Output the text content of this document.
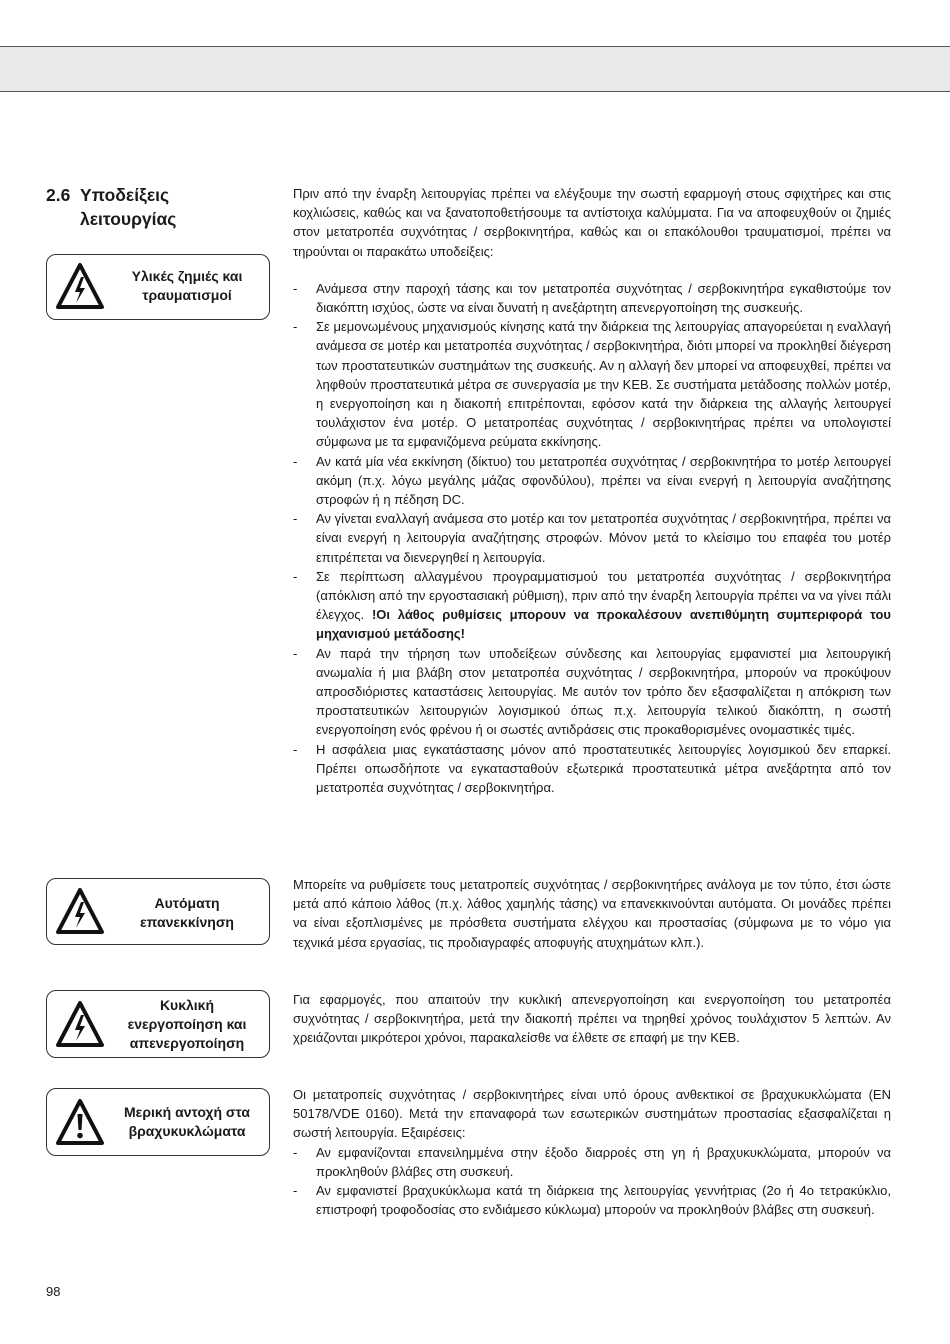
2.6 Υποδείξεις
λειτουργίας
Υλικές ζημιές και τραυματισμοί
Αυτόματη επανεκκίνηση
Κυκλική ενεργοποίηση και απενεργοποίηση
Μερική αντοχή στα βραχυκυκλώματα

Πριν από την έναρξη λειτουργίας πρέπει να ελέγξουμε την σωστή εφαρμογή στους σφιχτήρες και στις κοχλιώσεις, καθώς και να ξανατοποθετήσουμε τα αντίστοιχα καλύμματα. Για να αποφευχθούν οι ζημιές στον μετατροπέα συχνότητας / σερβοκινητήρα, καθώς και οι επακόλουθοι τραυματισμοί, πρέπει να τηρούνται οι παρακάτω υποδείξεις:

- Ανάμεσα στην παροχή τάσης και τον μετατροπέα συχνότητας / σερβοκινητήρα εγκαθιστούμε τον διακόπτη ισχύος, ώστε να είναι δυνατή η ανεξάρτητη απενεργοποίηση της συσκευής.
- Σε μεμονωμένους μηχανισμούς κίνησης κατά την διάρκεια της λειτουργίας απαγορεύεται η εναλλαγή ανάμεσα σε μοτέρ και μετατροπέα συχνότητας / σερβοκινητήρα, διότι μπορεί να προκληθεί διέγερση των προστατευτικών συστημάτων της συσκευής. Αν η αλλαγή δεν μπορεί να αποφευχθεί, πρέπει να ληφθούν προστατευτικά μέτρα σε συνεργασία με την KEB. Σε συστήματα μετάδοσης πολλών μοτέρ, η ενεργοποίηση και η διακοπή επιτρέπονται, εφόσον κατά την διάρκεια της αλλαγής λειτουργεί τουλάχιστον ένα μοτέρ. Ο μετατροπέας συχνότητας / σερβοκινητήρας πρέπει να υπολογιστεί σύμφωνα με τα εμφανιζόμενα ρεύματα εκκίνησης.
- Αν κατά μία νέα εκκίνηση (δίκτυο) του μετατροπέα συχνότητας / σερβοκινητήρα το μοτέρ λειτουργεί ακόμη (π.χ. λόγω μεγάλης μάζας σφονδύλου), πρέπει να είναι ενεργή η λειτουργία αναζήτησης στροφών ή η πέδηση DC.
- Αν γίνεται εναλλαγή ανάμεσα στο μοτέρ και τον μετατροπέα συχνότητας / σερβοκινητήρα, πρέπει να είναι ενεργή η λειτουργία αναζήτησης στροφών. Μόνον μετά το κλείσιμο του επαφέα του μοτέρ επιτρέπεται να διενεργηθεί η λειτουργία.
- Σε περίπτωση αλλαγμένου προγραμματισμού του μετατροπέα συχνότητας / σερβοκινητήρα (απόκλιση από την εργοστασιακή ρύθμιση), πριν από την έναρξη λειτουργία πρέπει να να γίνει πάλι έλεγχος. !Οι λάθος ρυθμίσεις μπορουν να προκαλέσουν ανεπιθύμητη συμπεριφορά του μηχανισμού μετάδοσης!
- Αν παρά την τήρηση των υποδείξεων σύνδεσης και λειτουργίας εμφανιστεί μια λειτουργική ανωμαλία ή μια βλάβη στον μετατροπέα συχνότητας / σερβοκινητήρα, μπορούν να προκύψουν απροσδιόριστες καταστάσεις λειτουργίας. Με αυτόν τον τρόπο δεν εξασφαλίζεται η απόκριση των προστατευτικών λειτουργιών λογισμικού όπως π.χ. λειτουργία τελικού διακόπτη, η σωστή ενεργοποίηση ενός φρένου ή οι σωστές αντιδράσεις στις προκαθορισμένες ονομαστικές τιμές.
- Η ασφάλεια μιας εγκατάστασης μόνον από προστατευτικές λειτουργίες λογισμικού δεν επαρκεί. Πρέπει οπωσδήποτε να εγκατασταθούν εξωτερικά προστατευτικά μέτρα ανεξάρτητα από τον μετατροπέα συχνότητας / σερβοκινητήρα.

Μπορείτε να ρυθμίσετε τους μετατροπείς συχνότητας / σερβοκινητήρες ανάλογα με τον τύπο, έτσι ώστε μετά από κάποιο λάθος (π.χ. λάθος χαμηλής τάσης) να επανεκκινούνται αυτόματα. Οι μονάδες πρέπει να είναι εξοπλισμένες με πρόσθετα συστήματα ελέγχου και προστασίας (σύμφωνα με το νόμο για τεχνικά μέσα εργασίας, τις προδιαγραφές αποφυγής ατυχημάτων κλπ.).

Για εφαρμογές, που απαιτούν την κυκλική απενεργοποίηση και ενεργοποίηση του μετατροπέα συχνότητας / σερβοκινητήρα, μετά την διακοπή πρέπει να τηρηθεί χρόνος τουλάχιστον 5 λεπτών. Αν χρειάζονται μικρότεροι χρόνοι, παρακαλείσθε να έλθετε σε επαφή με την KEB.

Οι μετατροπείς συχνότητας / σερβοκινητήρες είναι υπό όρους ανθεκτικοί σε βραχυκυκλώματα (EN 50178/VDE 0160). Μετά την επαναφορά των εσωτερικών συστημάτων προστασίας εξασφαλίζεται η σωστή λειτουργία. Εξαιρέσεις:

- Αν εμφανίζονται επανειλημμένα στην έξοδο διαρροές στη γη ή βραχυκυκλώματα, μπορούν να προκληθούν βλάβες στη συσκευή.
- Αν εμφανιστεί βραχυκύκλωμα κατά τη διάρκεια της λειτουργίας γεννήτριας (2ο ή 4ο τετρακύκλιο, επιστροφή τροφοδοσίας στο ενδιάμεσο κύκλωμα) μπορούν να προκληθούν βλάβες στη συσκευή.
98
